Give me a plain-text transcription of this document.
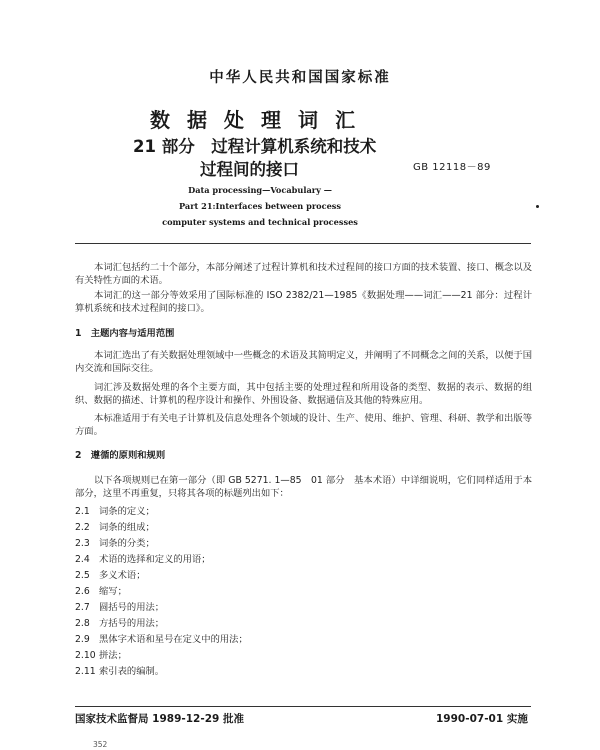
中华人民共和国国家标准
数据处理词汇
21 部分　过程计算机系统和技术
过程间的接口	GB 12118－89
Data processing—Vocabulary —
Part 21:Interfaces between process
computer systems and technical processes
本词汇包括约二十个部分，本部分阐述了过程计算机和技术过程间的接口方面的技术装置、接口、概念以及有关特性方面的术语。
本词汇的这一部分等效采用了国际标准的 ISO 2382/21—1985《数据处理——词汇——21 部分：过程计算机系统和技术过程间的接口》。
1　主题内容与适用范围
本词汇选出了有关数据处理领域中一些概念的术语及其简明定义，并阐明了不同概念之间的关系，以便于国内交流和国际交往。
词汇涉及数据处理的各个主要方面，其中包括主要的处理过程和所用设备的类型、数据的表示、数据的组织、数据的描述、计算机的程序设计和操作、外围设备、数据通信及其他的特殊应用。
本标准适用于有关电子计算机及信息处理各个领域的设计、生产、使用、维护、管理、科研、教学和出版等方面。
2　遵循的原则和规则
以下各项规则已在第一部分（即 GB 5271. 1—85　01 部分　基本术语）中详细说明，它们同样适用于本部分，这里不再重复，只将其各项的标题列出如下：
2.1 词条的定义；
2.2 词条的组成；
2.3 词条的分类；
2.4 术语的选择和定义的用语；
2.5 多义术语；
2.6 缩写；
2.7 圆括号的用法；
2.8 方括号的用法；
2.9 黑体字术语和星号在定义中的用法；
2.10 拼法；
2.11 索引表的编制。
国家技术监督局 1989-12-29 批准	1990-07-01 实施
352
